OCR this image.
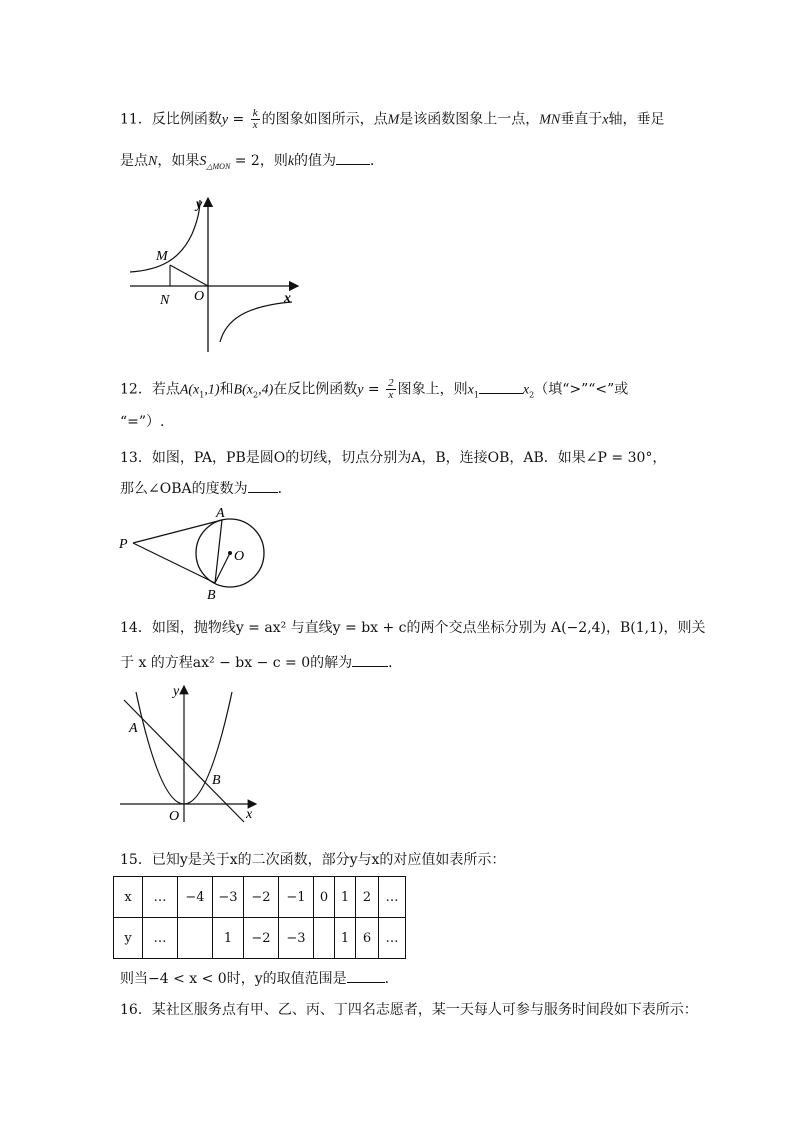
11．反比例函数$y = \frac{k}{x}$ 的图象如图所示，点M是该函数图象上一点，MN垂直于x轴，垂足
是点N，如果$S_{\triangle MON} = 2$，则k的值为 ．
y
M
N O	x
12．若点$A(x_1,1)$和$B(x_2,4)$在反比例函数$y = \frac{2}{x}$ 图象上，则$x_1$	$x_2$（填“>”“<”或
“=”）.
13．如图，PA，PB是圆O的切线，切点分别为A，B，连接OB，AB．如果∠P = 30°，
那么∠OBA的度数为 ．
P
A
O
B
14．如图，抛物线y = ax² 与直线y = bx + c的两个交点坐标分别为 A(−2,4)，B(1,1)，则关
于 x 的方程ax² − bx − c = 0的解为	．
y
A
B
O	x
15．已知y是关于x的二次函数，部分y与x的对应值如表所示：
x	…	−4	−3	−2	−1	0	1	2	…
y	…		1	−2	−3		1	6	…
则当−4 < x < 0时，y的取值范围是	．
16．某社区服务点有甲、乙、丙、丁四名志愿者，某一天每人可参与服务时间段如下表所示：
